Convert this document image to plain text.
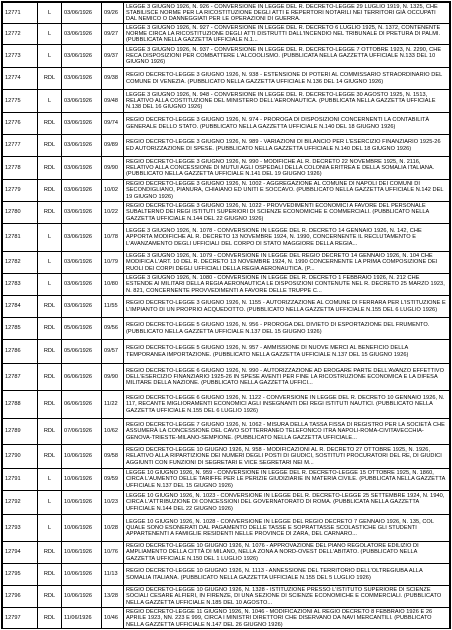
12771	L	03/06/1926	09/26	LEGGE 3 GIUGNO 1926, N. 926 - CONVERSIONE IN LEGGE DEL R. DECRETO-LEGGE 29 LUGLIO 1919, N. 1325, CHE STABILISCE NORME PER LA RICOSTITUZIONE DEGLI ATTI E REPERTORI NOTARILI NEI TERRITORI GIÀ OCCUPATI DAL NEMICO O DANNEGGIATI PER LE OPERAZIONI DI GUERRA.
12772	L	03/06/1926	09/27	LEGGE 3 GIUGNO 1926, N. 927 - CONVERSIONE IN LEGGE DEL R. DECRETO 6 LUGLIO 1925, N. 1372, CONTENENTE NORME CIRCA LA RICOSTITUZIONE DEGLI ATTI DISTRUTTI DALL'INCENDIO NEL TRIBUNALE DI PRETURA DI PALMI. (PUBBLICATA NELLA GAZZETTA UFFICIALE N.1...
12773	L	03/06/1926	09/37	LEGGE 3 GIUGNO 1926, N. 937 - CONVERSIONE IN LEGGE DEL R. DECRETO-LEGGE 7 OTTOBRE 1923, N. 2290, CHE RECA DISPOSIZIONI PER COMBATTERE L'ALCOOLISMO. (PUBBLICATA NELLA GAZZETTA UFFICIALE N.133 DEL 10 GIUGNO 1926)
12774	RDL	03/06/1926	09/38	REGIO DECRETO-LEGGE 3 GIUGNO 1926, N. 938 - ESTENSIONE DI POTERI AL COMMISSARIO STRAORDINARIO DEL COMUNE DI VENEZIA. (PUBBLICATO NELLA GAZZETTA UFFICIALE N.136 DEL 14 GIUGNO 1926)
12775	L	03/06/1926	09/48	LEGGE 3 GIUGNO 1926, N. 948 - CONVERSIONE IN LEGGE DEL R. DECRETO-LEGGE 30 AGOSTO 1925, N. 1513, RELATIVO ALLA COSTITUZIONE DEL MINISTERO DELL'AERONAUTICA. (PUBBLICATA NELLA GAZZETTA UFFICIALE N.138 DEL 16 GIUGNO 1926)
12776	RDL	03/06/1926	09/74	REGIO DECRETO-LEGGE 3 GIUGNO 1926, N. 974 - PROROGA DI DISPOSIZIONI CONCERNENTI LA CONTABILITÀ GENERALE DELLO STATO. (PUBBLICATO NELLA GAZZETTA UFFICIALE N.140 DEL 18 GIUGNO 1926)
12777	RDL	03/06/1926	09/89	REGIO DECRETO-LEGGE 3 GIUGNO 1926, N. 989 - VARIAZIONI DI BILANCIO PER L'ESERCIZIO FINANZIARIO 1925-26 ED AUTORIZZAZIONE DI SPESE. (PUBBLICATO NELLA GAZZETTA UFFICIALE N.140 DEL 18 GIUGNO 1926)
12778	RDL	03/06/1926	09/90	REGIO DECRETO-LEGGE 3 GIUGNO 1926, N. 990 - MODIFICHE AL R. DECRETO 22 NOVEMBRE 1925, N. 2116, RELATIVO ALLA CONCESSIONE DI MUTUI AGLI OSPEDALI DELLA COLONIA ERITREA E DELLA SOMALIA ITALIANA. (PUBBLICATO NELLA GAZZETTA UFFICIALE N.141 DEL 19 GIUGNO 1926)
12779	RDL	03/06/1926	10/02	REGIO DECRETO-LEGGE 3 GIUGNO 1926, N. 1002 - AGGREGAZIONE AL COMUNE DI NAPOLI DEI COMUNI DI SECONDIGLIANO, PIANURA, CHIAIANO ED UNITI E SOCCAVO. (PUBBLICATO NELLA GAZZETTA UFFICIALE N.142 DEL 19 GIUGNO 1926)
12780	RDL	03/06/1926	10/22	REGIO DECRETO-LEGGE 3 GIUGNO 1926, N. 1022 - PROVVEDIMENTI ECONOMICI A FAVORE DEL PERSONALE SUBALTERNO DEI REGI ISTITUTI SUPERIORI DI SCIENZE ECONOMICHE E COMMERCIALI. (PUBBLICATO NELLA GAZZETTA UFFICIALE N.144 DEL 22 GIUGNO 1926)
12781	L	03/06/1926	10/78	LEGGE 3 GIUGNO 1926, N. 1078 - CONVERSIONE IN LEGGE DEL R. DECRETO 14 GENNAIO 1926, N. 142, CHE APPORTA MODIFICHE AL R. DECRETO 13 NOVEMBRE 1924, N. 1990, CONCERNENTE IL RECLUTAMENTO E L'AVANZAMENTO DEGLI UFFICIALI DEL CORPO DI STATO MAGGIORE DELLA REGIA...
12782	L	03/06/1926	10/79	LEGGE 3 GIUGNO 1926, N. 1079 - CONVERSIONE IN LEGGE DEL REGIO DECRETO 14 GENNAIO 1926, N. 104 CHE MODIFICA L'ART. 10 DEL R. DECRETO 13 NOVEMBRE 1924, N. 1990 CONCERNENTE LA PRIMA COMPOSIZIONE DEI RUOLI DEI CORPI DEGLI UFFICIALI DELLA REGIA AERONAUTICA. (P...
12783	L	03/06/1926	10/80	LEGGE 3 GIUGNO 1926, N. 1080 - CONVERSIONE IN LEGGE DEL R. DECRETO 1 FEBBRAIO 1926, N. 212 CHE ESTENDE AI MILITARI DELLA REGIA AERONAUTICA LE DISPOSIZIONI CONTENUTE NEL R. DECRETO 25 MARZO 1923, N. 821, CONCERNENTE PROVVEDIMENTI A FAVORE DELLE TRUPPE C...
12784	RDL	03/06/1926	11/55	REGIO DECRETO-LEGGE 3 GIUGNO 1926, N. 1155 - AUTORIZZAZIONE AL COMUNE DI FERRARA PER L'ISTITUZIONE E L'IMPIANTO DI UN PROPRIO ACQUEDOTTO. (PUBBLICATO NELLA GAZZETTA UFFICIALE N.155 DEL 6 LUGLIO 1926)
12785	RDL	05/06/1926	09/56	REGIO DECRETO-LEGGE 5 GIUGNO 1926, N. 956 - PROROGA DEL DIVIETO DI ESPORTAZIONE DEL FRUMENTO. (PUBBLICATO NELLA GAZZETTA UFFICIALE N.137 DEL 15 GIUGNO 1926)
12786	RDL	05/06/1926	09/57	REGIO DECRETO-LEGGE 5 GIUGNO 1926, N. 957 - AMMISSIONE DI NUOVE MERCI AL BENEFICIO DELLA TEMPORANEA IMPORTAZIONE. (PUBBLICATO NELLA GAZZETTA UFFICIALE N.137 DEL 15 GIUGNO 1926)
12787	RDL	06/06/1926	09/90	REGIO DECRETO-LEGGE 6 GIUGNO 1926, N. 990 - AUTORIZZAZIONE AD EROGARE PARTE DELL'AVANZO EFFETTIVO DELL'ESERCIZIO FINANZIARIO 1925-26 IN SPESE AVENTI PER FINE LA RICOSTRUZIONE ECONOMICA E LA DIFESA MILITARE DELLA NAZIONE. (PUBBLICATO NELLA GAZZETTA UFFICI...
12788	RDL	06/06/1926	11/22	REGIO DECRETO-LEGGE 6 GIUGNO 1926, N. 1122 - CONVERSIONE IN LEGGE DEL R. DECRETO 10 GENNAIO 1926, N. 117, RECANTE MIGLIORAMENTI ECONOMICI AGLI INSEGNANTI DEI REGI ISTITUTI NAUTICI. (PUBBLICATO NELLA GAZZETTA UFFICIALE N.155 DEL 6 LUGLIO 1926)
12789	RDL	07/06/1926	10/62	REGIO DECRETO-LEGGE 7 GIUGNO 1926, N. 1062 - MISURA DELLA TASSA FISSA DI REGISTRO PER LA SOCIETÀ CHE ASSUMERÀ LA CONCESSIONE DEL CAVO SOTTERRANEO TELEFONICO ITRA NAPOLI-ROMA-CIVITAVECCHIA-GENOVA-TRIESTE-MILANO-SEMPIONE. (PUBBLICATO NELLA GAZZETTA UFFICIALE...
12790	RDL	10/06/1926	09/58	REGIO DECRETO-LEGGE 10 GIUGNO 1926, N. 958 - MODIFICAZIONI AL R. DECRETO 27 OTTOBRE 1925, N. 1926, RELATIVO ALLA RIPARTIZIONE DEI NUMERI DEGLI POSTI DI GIUDICI, SOSTITUTI PROCURATORI DEL RE, DI GIUDICI AGGIUNTI CON FUNZIONI DI SEGRETARI E VICE SEGRETARI NEI M...
12791	L	10/06/1926	09/59	LEGGE 10 GIUGNO 1926, N. 959 - CONVERSIONE IN LEGGE DEL R. DECRETO-LEGGE 15 OTTOBRE 1925, N. 1860, CIRCA L'AUMENTO DELLE TARIFFE PER LE PERIZIE GIUDIZIARIE IN MATERIA CIVILE. (PUBBLICATA NELLA GAZZETTA UFFICIALE N.137 DEL 15 GIUGNO 1926)
12792	L	10/06/1926	10/23	LEGGE 10 GIUGNO 1926, N. 1023 - CONVERSIONE IN LEGGE DEL R. DECRETO-LEGGE 25 SETTEMBRE 1924, N. 1940, CIRCA L'ATTRIBUZIONE DI CONCESSIONI DEL GOVERNATORATO DI ROMA. (PUBBLICATA NELLA GAZZETTA UFFICIALE N.144 DEL 22 GIUGNO 1926)
12793	L	10/06/1926	10/28	LEGGE 10 GIUGNO 1926, N. 1028 - CONVERSIONE IN LEGGE DEL REGIO DECRETO 7 GENNAIO 1926, N. 135, COL QUALE SONO ESONERATI DAL PAGAMENTO DELLE TASSE E SOPRATTASSE SCOLASTICHE GLI STUDENTI APPARTENENTI A FAMIGLIE RESIDENTI NELLE PROVINCE DI ZARA, DEL CARNARO...
12794	RDL	10/06/1926	10/76	REGIO DECRETO-LEGGE 10 GIUGNO 1926, N. 1076 - APPROVAZIONE DEL PIANO REGOLATORE EDILIZIO DI AMPLIAMENTO DELLA CITTÀ DI MILANO, NELLA ZONA A NORD-OVEST DELL'ABITATO. (PUBBLICATO NELLA GAZZETTA UFFICIALE N.150 DEL 1 LUGLIO 1926)
12795	RDL	10/06/1926	11/13	REGIO DECRETO-LEGGE 10 GIUGNO 1926, N. 1113 - ANNESSIONE DEL TERRITORIO DELL'OLTREGIUBA ALLA SOMALIA ITALIANA. (PUBBLICATO NELLA GAZZETTA UFFICIALE N.155 DEL 5 LUGLIO 1926)
12796	RDL	10/06/1926	13/28	REGIO DECRETO-LEGGE 10 GIUGNO 1926, N. 1328 - ISTITUZIONE PRESSO L'ISTITUTO SUPERIORE DI SCIENZE SOCIALI CESARE ALFIERI, IN FIRENZE, DI UNA SEZIONE DI SCIENZE ECONOMICHE E COMMERCIALI. (PUBBLICATO NELLA GAZZETTA UFFICIALE N.185 DEL 10 AGOSTO...
12797	RDL	11/06/1926	10/46	REGIO DECRETO-LEGGE 11 GIUGNO 1926, N. 1046 - MODIFICAZIONI AL REGIO DECRETO 8 FEBBRAIO 1926 E 26 APRILE 1923, NN. 223 E 999, CIRCA I MINISTRI DIRETTORI CHE DISERVANO DA NAVI MERCANTILI. (PUBBLICATO NELLA GAZZETTA UFFICIALE N.147 DEL 26 GIUGNO 1926)
